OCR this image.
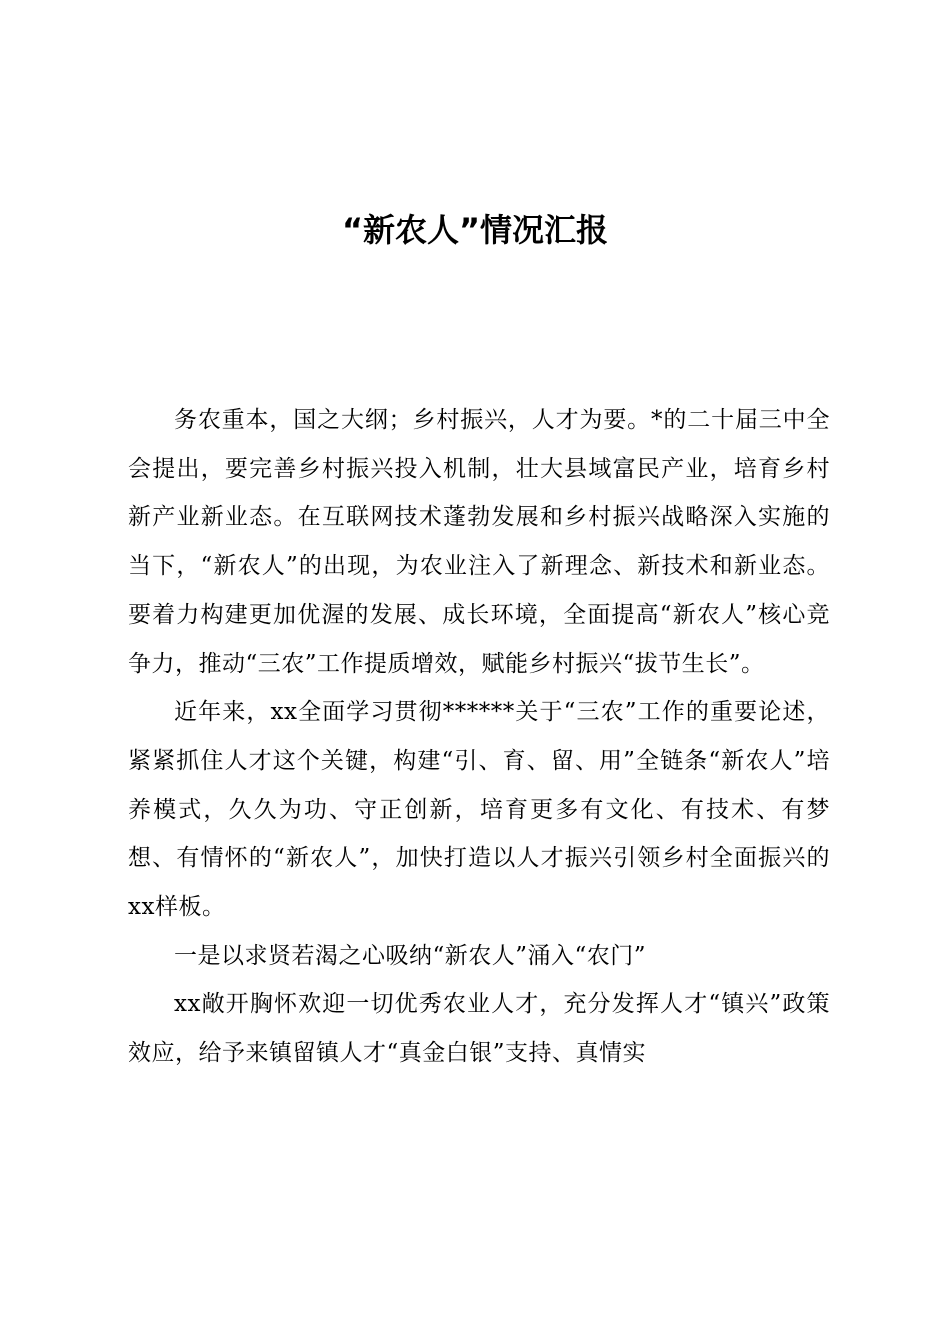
“新农人”情况汇报

务农重本，国之大纲；乡村振兴，人才为要。*的二十届三中全会提出，要完善乡村振兴投入机制，壮大县域富民产业，培育乡村新产业新业态。在互联网技术蓬勃发展和乡村振兴战略深入实施的当下，“新农人”的出现，为农业注入了新理念、新技术和新业态。要着力构建更加优渥的发展、成长环境，全面提高“新农人”核心竞争力，推动“三农”工作提质增效，赋能乡村振兴“拔节生长”。

近年来，xx全面学习贯彻******关于“三农”工作的重要论述，紧紧抓住人才这个关键，构建“引、育、留、用”全链条“新农人”培养模式，久久为功、守正创新，培育更多有文化、有技术、有梦想、有情怀的“新农人”，加快打造以人才振兴引领乡村全面振兴的xx样板。

一是以求贤若渴之心吸纳“新农人”涌入“农门”

xx敞开胸怀欢迎一切优秀农业人才，充分发挥人才“镇兴”政策效应，给予来镇留镇人才“真金白银”支持、真情实
